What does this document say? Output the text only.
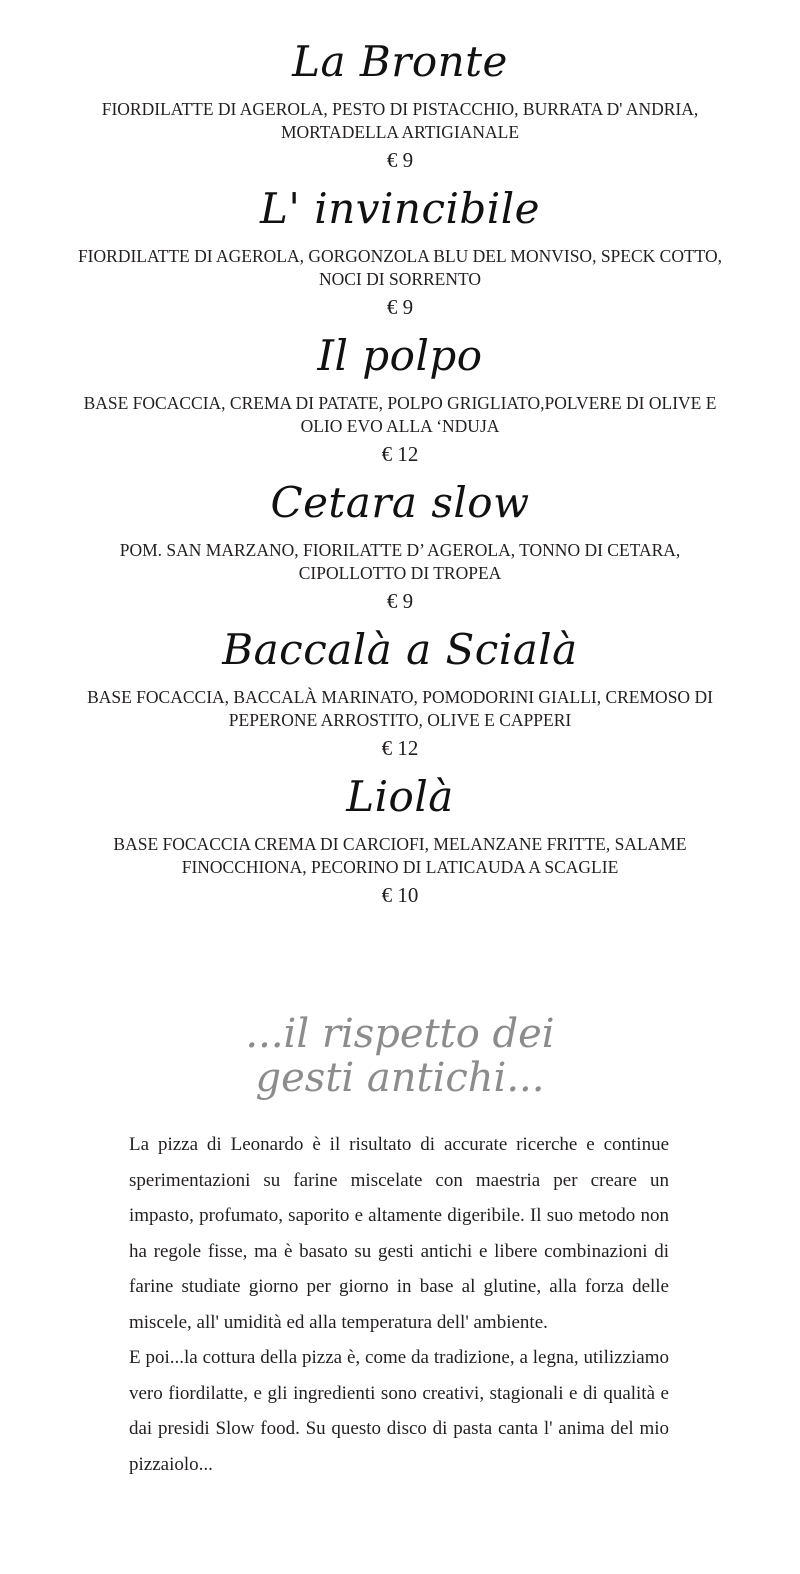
La Bronte
FIORDILATTE DI AGEROLA, PESTO DI PISTACCHIO, BURRATA D' ANDRIA, MORTADELLA ARTIGIANALE
€ 9
L' invincibile
FIORDILATTE DI AGEROLA, GORGONZOLA BLU DEL MONVISO, SPECK COTTO, NOCI DI SORRENTO
€ 9
Il polpo
BASE FOCACCIA, CREMA DI PATATE, POLPO GRIGLIATO,POLVERE DI OLIVE E OLIO EVO ALLA ‘NDUJA
€ 12
Cetara slow
POM. SAN MARZANO, FIORILATTE D’ AGEROLA, TONNO DI CETARA, CIPOLLOTTO DI TROPEA
€ 9
Baccalà a Scialà
BASE FOCACCIA, BACCALÀ MARINATO, POMODORINI GIALLI, CREMOSO DI PEPERONE ARROSTITO, OLIVE E CAPPERI
€ 12
Liolà
BASE FOCACCIA CREMA DI CARCIOFI, MELANZANE FRITTE, SALAME FINOCCHIONA, PECORINO DI LATICAUDA A SCAGLIE
€ 10
...il rispetto dei
gesti antichi...

La pizza di Leonardo è il risultato di accurate ricerche e continue sperimentazioni su farine miscelate con maestria per creare un impasto, profumato, saporito e altamente digeribile. Il suo metodo non ha regole fisse, ma è basato su gesti antichi e libere combinazioni di farine studiate giorno per giorno in base al glutine, alla forza delle miscele, all' umidità ed alla temperatura dell' ambiente.

E poi...la cottura della pizza è, come da tradizione, a legna, utilizziamo vero fiordilatte, e gli ingredienti sono creativi, stagionali e di qualità e dai presidi Slow food. Su questo disco di pasta canta l' anima del mio pizzaiolo...
